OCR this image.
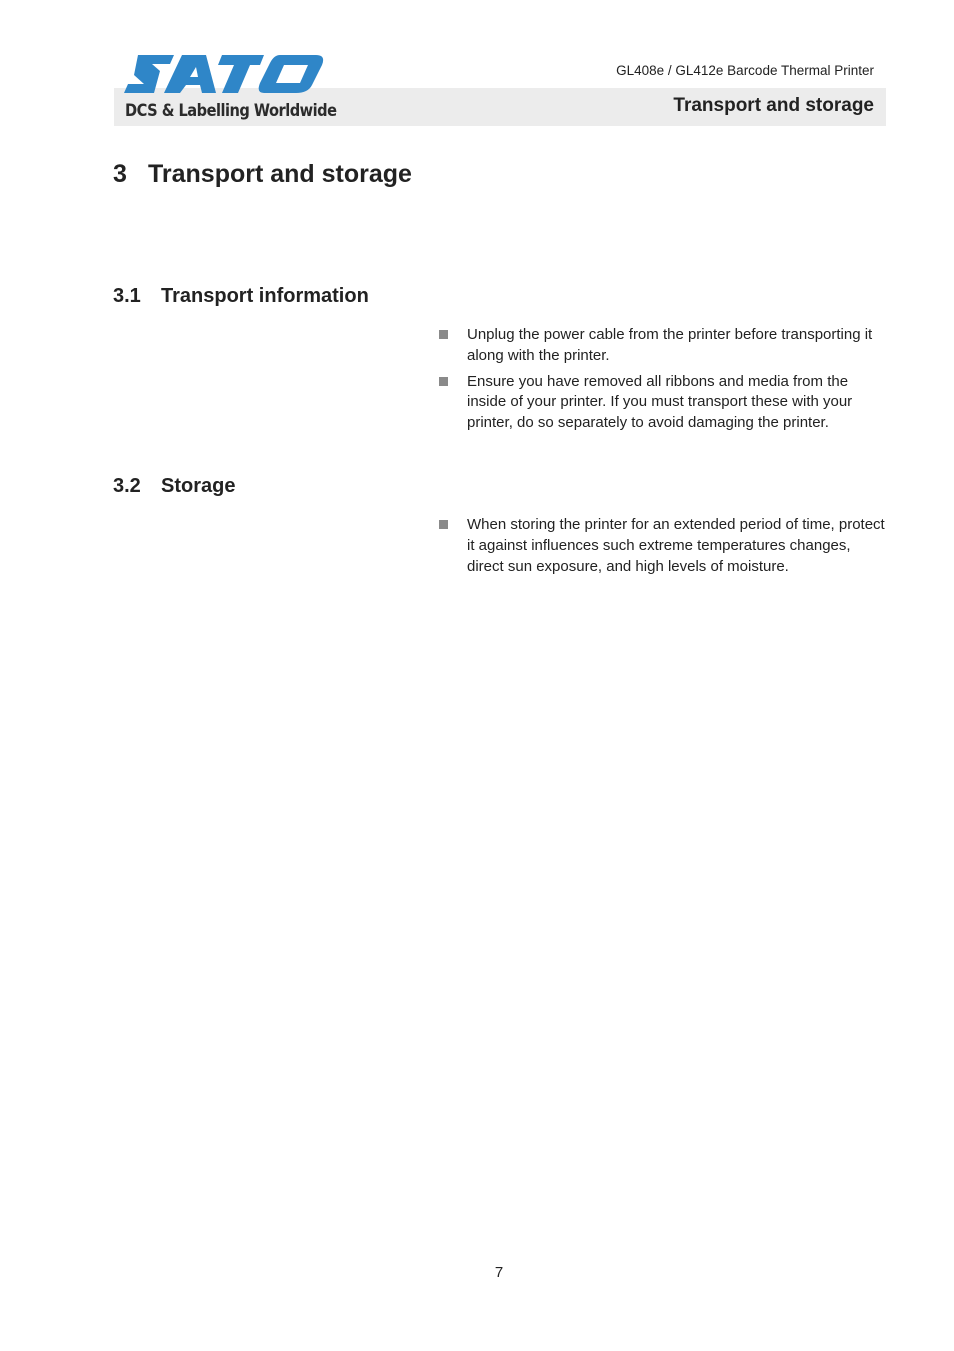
DCS & Labelling Worldwide
GL408e / GL412e Barcode Thermal Printer
Transport and storage
3 Transport and storage
3.1 Transport information
Unplug the power cable from the printer before transporting it along with the printer.
Ensure you have removed all ribbons and media from the inside of your printer. If you must transport these with your printer, do so separately to avoid damaging the printer.
3.2 Storage
When storing the printer for an extended period of time, protect it against influences such extreme temperatures changes, direct sun exposure, and high levels of moisture.
7
